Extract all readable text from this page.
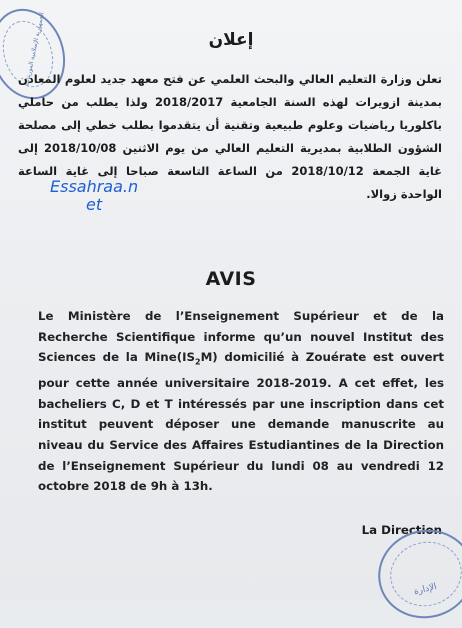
الجمهورية الإسلامية الموريتانية	إعلان
تعلن وزارة التعليم العالي والبحث العلمي عن فتح معهد جديد لعلوم المعادن بمدينة ازويرات لهذه السنة الجامعية 2018/2017 ولذا يطلب من حاملي باكلوريا رياضيات وعلوم طبيعية وتقنية أن يتقدموا بطلب خطي إلى مصلحة الشؤون الطلابية بمديرية التعليم العالي من يوم الاثنين 2018/10/08 إلى غاية الجمعة 2018/10/12 من الساعة التاسعة صباحا إلى غاية الساعة الواحدة زوالا.
Essahraa.n
et
AVIS
Le Ministère de l’Enseignement Supérieur et de la Recherche Scientifique informe qu’un nouvel Institut des Sciences de la $Mine(IS_2M)$ domicilié à Zouérate est ouvert pour cette année universitaire 2018-2019. A cet effet, les bacheliers C, D et T intéressés par une inscription dans cet institut peuvent déposer une demande manuscrite au niveau du Service des Affaires Estudiantines de la Direction de l’Enseignement Supérieur du lundi 08 au vendredi 12 octobre 2018 de 9h à 13h.
La Direction
الإدارة
